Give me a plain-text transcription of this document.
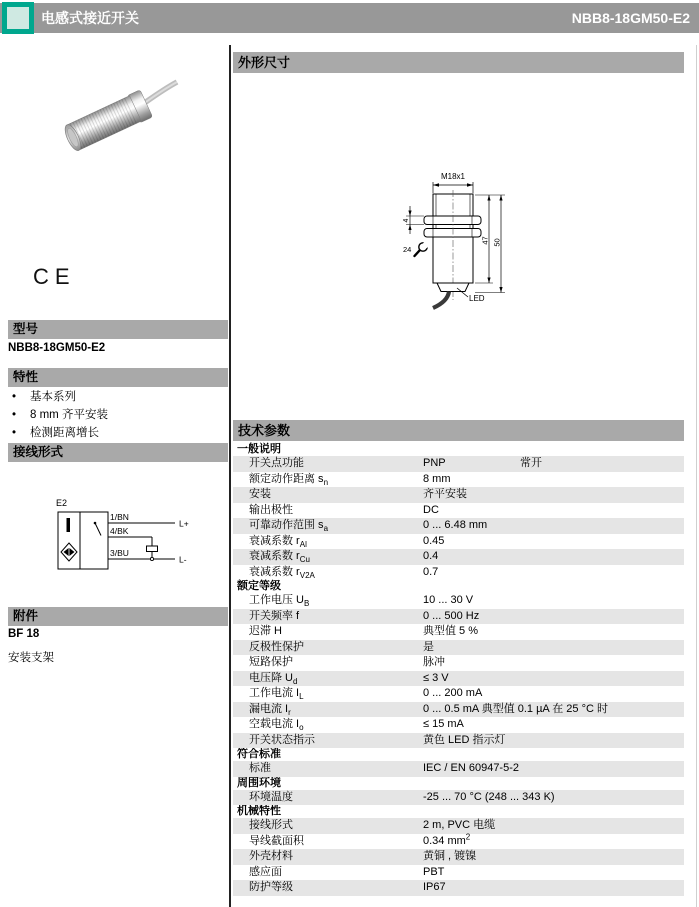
电感式接近开关	NBB8-18GM50-E2
CE
型号
NBB8-18GM50-E2
特性
• 基本系列
• 8 mm 齐平安装
• 检测距离增长
接线形式
E2
1/BN
4/BK
3/BU
L+
L-
附件
BF 18
安装支架
外形尺寸
M18x1
4
24
47 50
LED
技术参数
一般说明
开关点功能	PNP	常开
额定动作距离 $s_n$	8 mm
安装	齐平安装
输出极性	DC
可靠动作范围 $s_a$	0 ... 6.48 mm
衰减系数 $r_{Al}$	0.45
衰减系数 $r_{Cu}$	0.4
衰减系数 $r_{V2A}$	0.7
额定等级
工作电压 $U_B$	10 ... 30 V
开关频率 f	0 ... 500 Hz
迟滞 H	典型值 5 %
反极性保护	是
短路保护	脉冲
电压降 $U_d$	≤ 3 V
工作电流 $I_L$	0 ... 200 mA
漏电流 $I_r$	0 ... 0.5 mA 典型值 0.1 µA 在 25 °C 时
空载电流 $I_o$	≤ 15 mA
开关状态指示	黄色 LED 指示灯
符合标准
标准	IEC / EN 60947-5-2
周围环境
环境温度	-25 ... 70 °C (248 ... 343 K)
机械特性
接线形式	2 m, PVC 电缆
导线截面积	0.34 $mm^2$
外壳材料	黄铜 , 镀镍
感应面	PBT
防护等级	IP67
